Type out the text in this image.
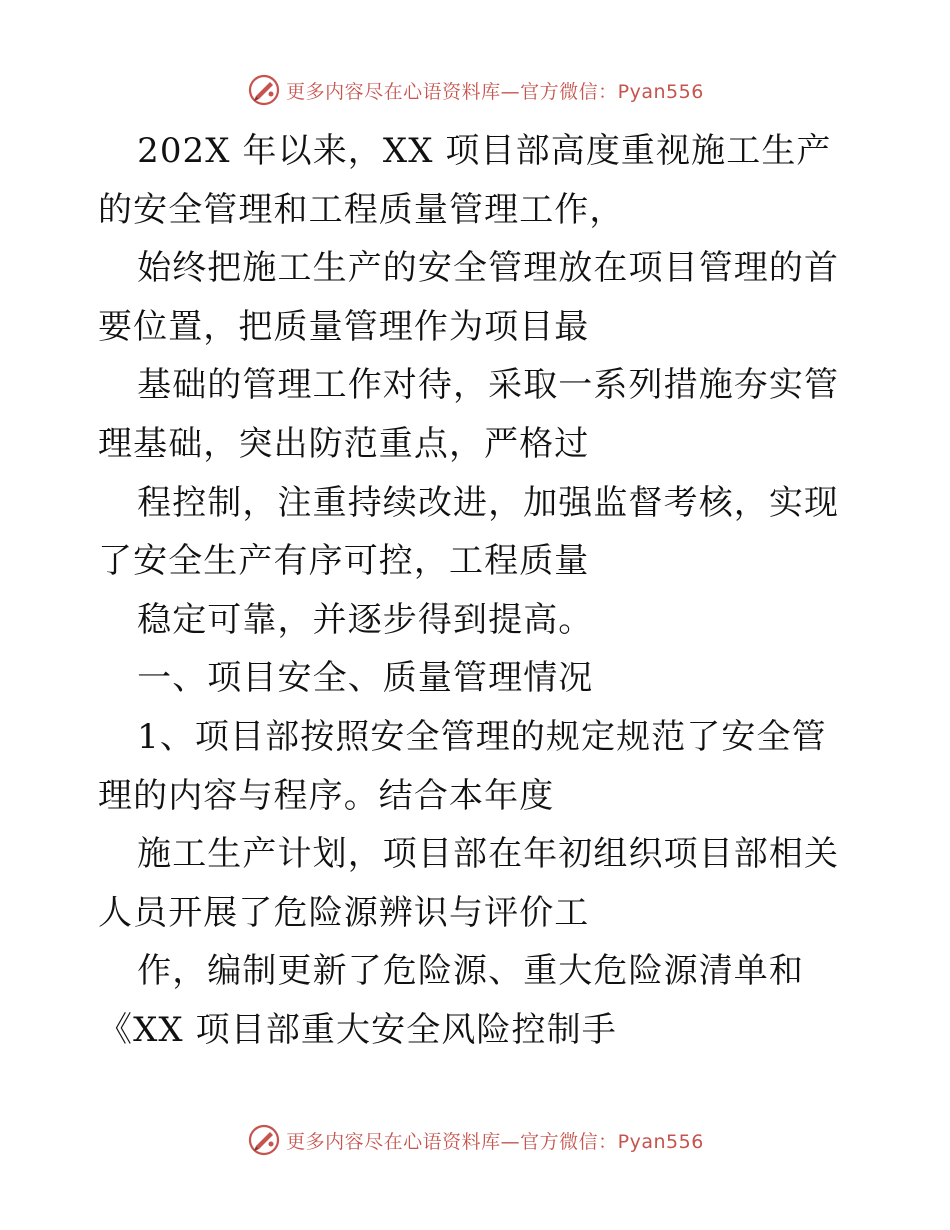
更多内容尽在心语资料库 —官方微信：Pyan556

202X 年以来，XX 项目部高度重视施工生产的安全管理和工程质量管理工作，

始终把施工生产的安全管理放在项目管理的首要位置，把质量管理作为项目最

基础的管理工作对待，采取一系列措施夯实管理基础，突出防范重点，严格过

程控制，注重持续改进，加强监督考核，实现了安全生产有序可控，工程质量

稳定可靠，并逐步得到提高。

一、项目安全、质量管理情况

1、项目部按照安全管理的规定规范了安全管理的内容与程序。结合本年度

施工生产计划，项目部在年初组织项目部相关人员开展了危险源辨识与评价工

作，编制更新了危险源、重大危险源清单和《XX 项目部重大安全风险控制手

更多内容尽在心语资料库 —官方微信：Pyan556
